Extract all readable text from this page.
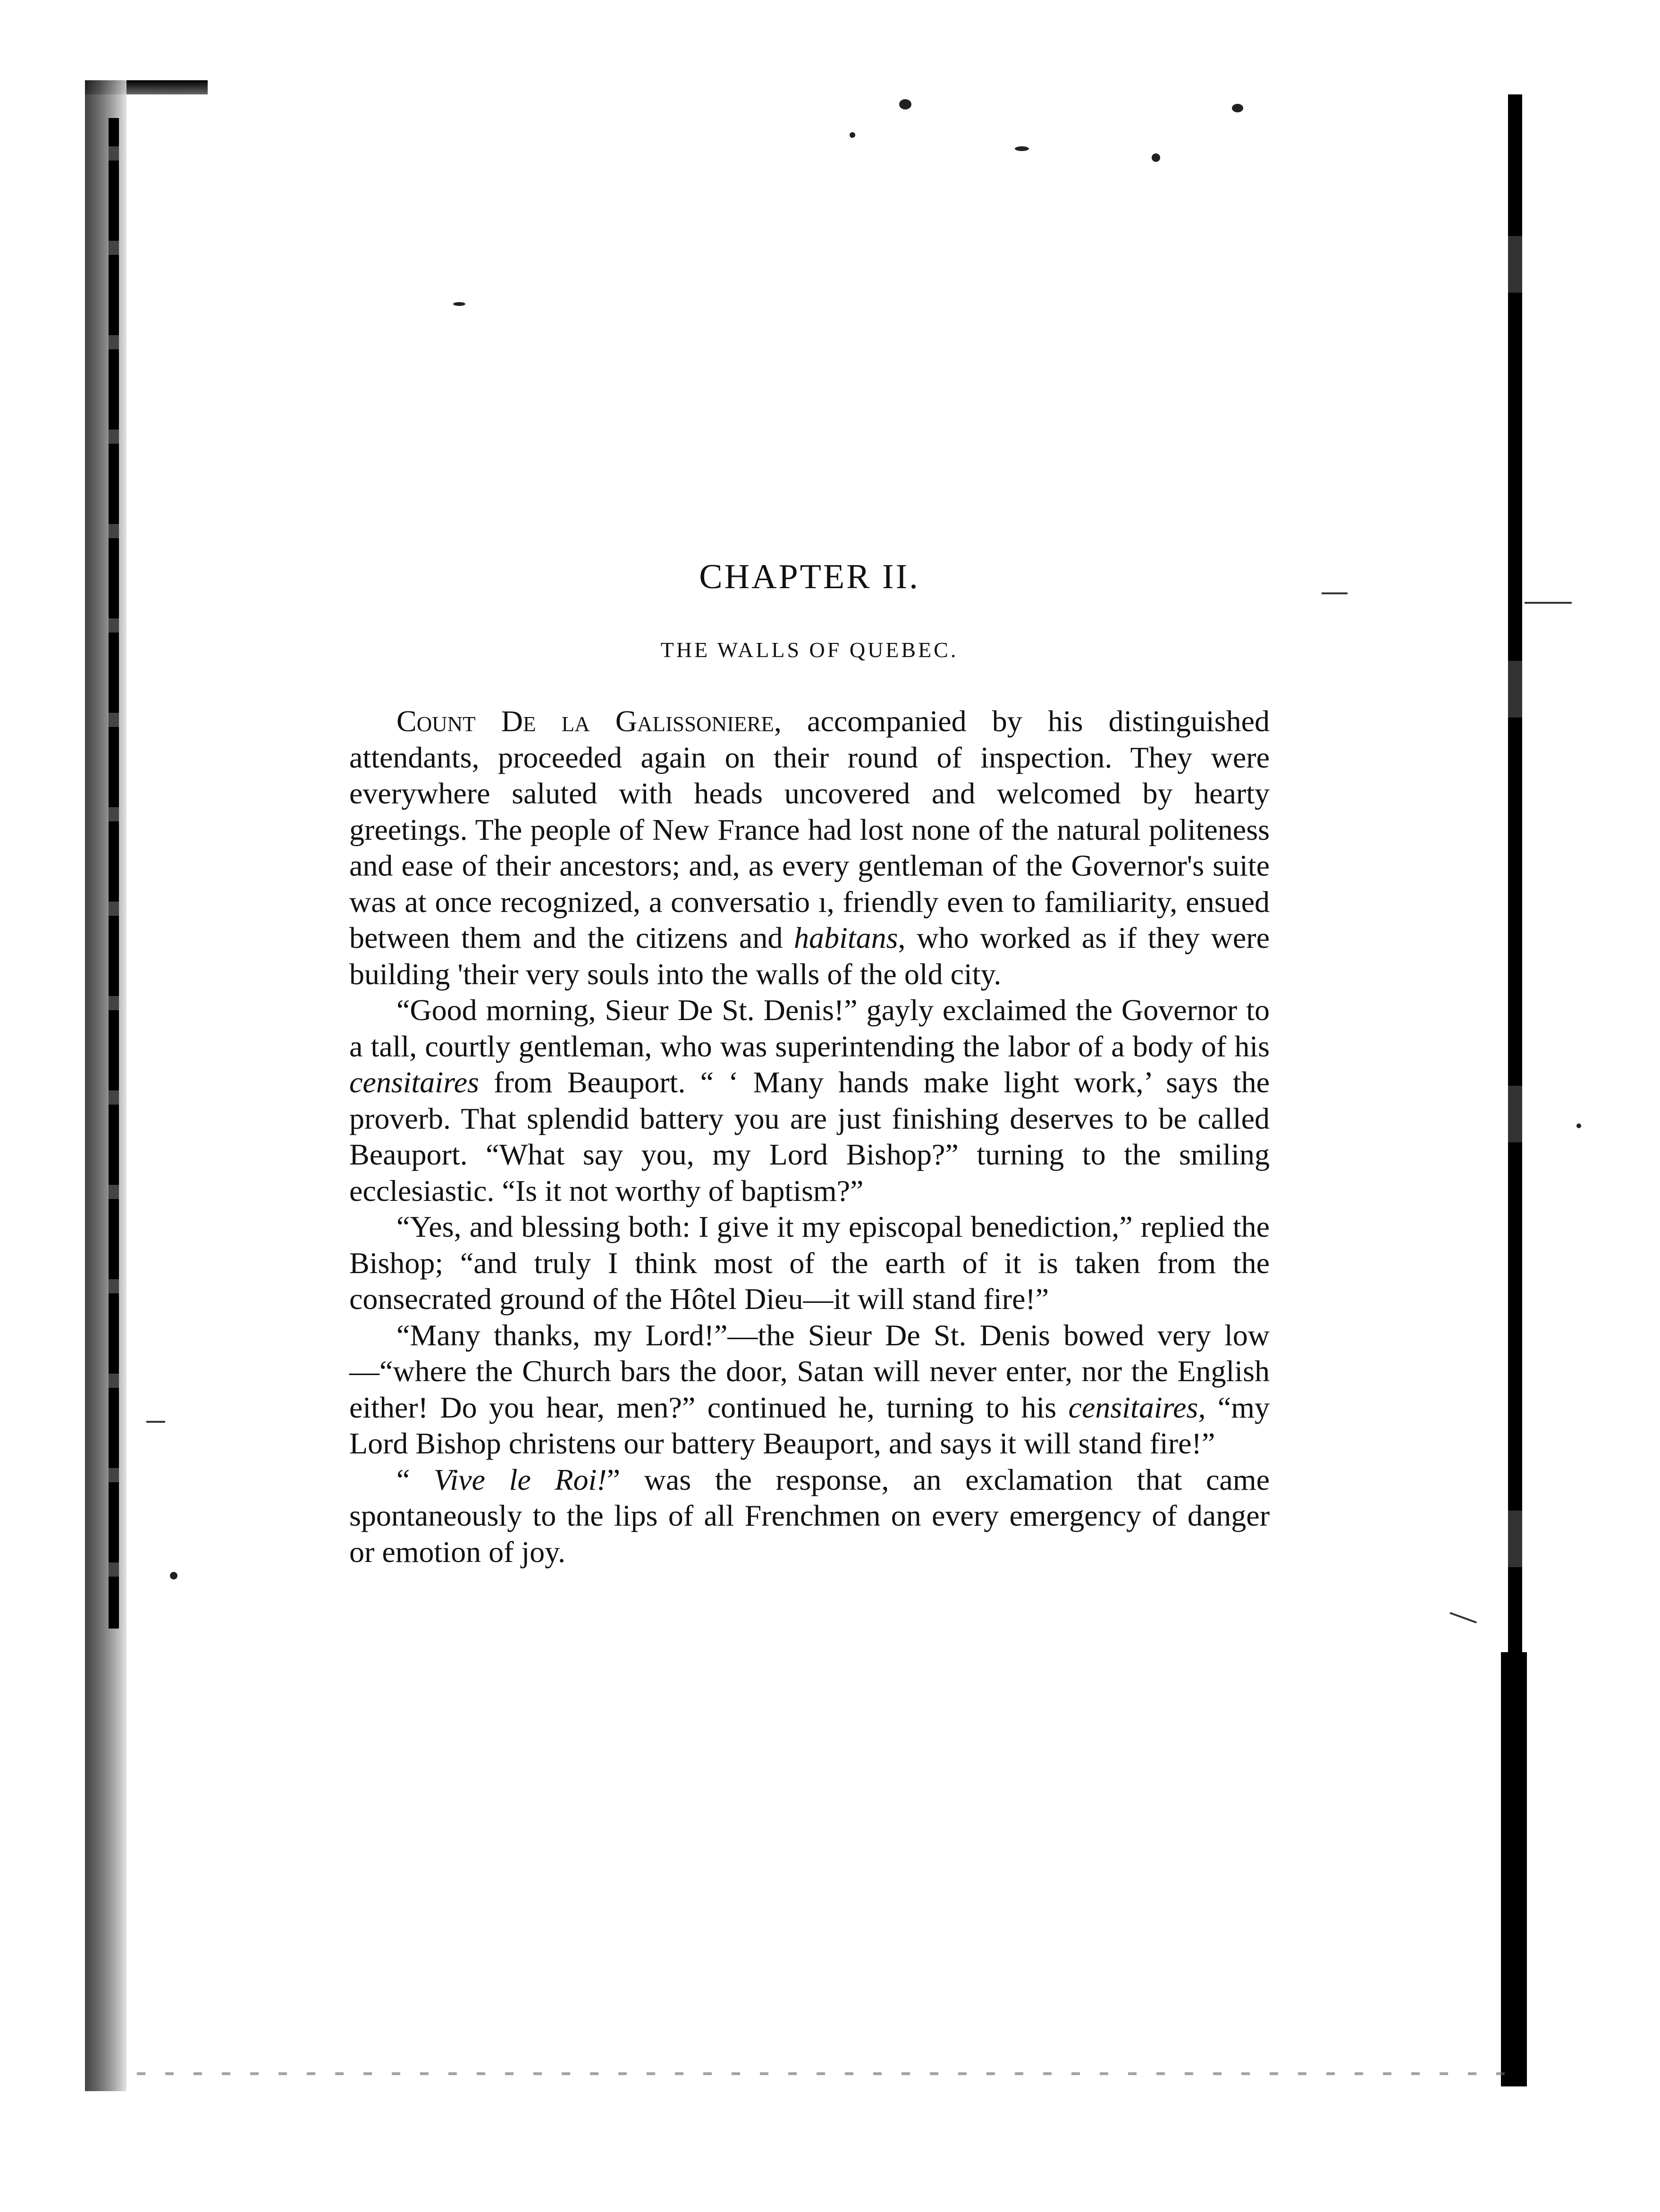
CHAPTER II.
THE WALLS OF QUEBEC.

Count De la Galissoniere, accompanied by his distinguished attendants, proceeded again on their round of inspection. They were everywhere saluted with heads uncovered and welcomed by hearty greetings. The people of New France had lost none of the natural politeness and ease of their ancestors; and, as every gentleman of the Governor's suite was at once recognized, a conversatio ı, friendly even to familiarity, ensued between them and the citizens and habitans, who worked as if they were building 'their very souls into the walls of the old city.

“Good morning, Sieur De St. Denis!” gayly exclaimed the Governor to a tall, courtly gentleman, who was superintending the labor of a body of his censitaires from Beauport. “ ‘ Many hands make light work,’ says the proverb. That splendid battery you are just finishing deserves to be called Beauport. “What say you, my Lord Bishop?” turning to the smiling ecclesiastic. “Is it not worthy of baptism?”

“Yes, and blessing both: I give it my episcopal benediction,” replied the Bishop; “and truly I think most of the earth of it is taken from the consecrated ground of the Hôtel Dieu—it will stand fire!”

“Many thanks, my Lord!”—the Sieur De St. Denis bowed very low—“where the Church bars the door, Satan will never enter, nor the English either! Do you hear, men?” continued he, turning to his censitaires, “my Lord Bishop christens our battery Beauport, and says it will stand fire!”

“ Vive le Roi!” was the response, an exclamation that came spontaneously to the lips of all Frenchmen on every emergency of danger or emotion of joy.
